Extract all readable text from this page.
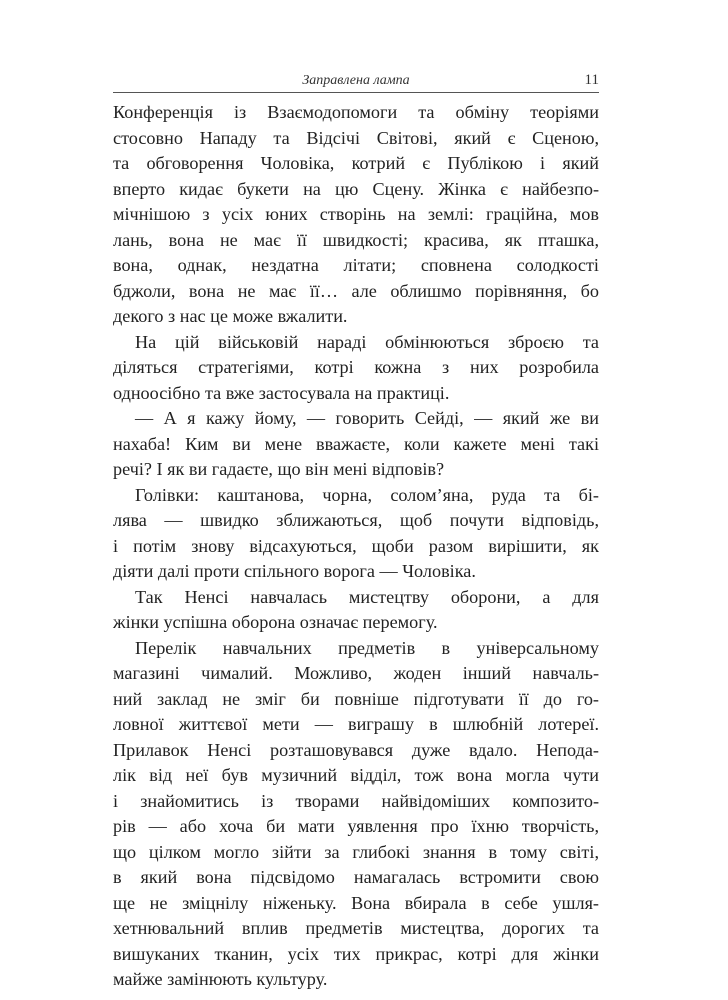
Заправлена лампа	11
Конференція із Взаємодопомоги та обміну теоріями
стосовно Нападу та Відсічі Світові, який є Сценою,
та обговорення Чоловіка, котрий є Публікою і який
вперто кидає букети на цю Сцену. Жінка є найбезпо-
мічнішою з усіх юних створінь на землі: граційна, мов
лань, вона не має її швидкості; красива, як пташка,
вона, однак, нездатна літати; сповнена солодкості
бджоли, вона не має її… але облишмо порівняння, бо
декого з нас це може вжалити.
На цій військовій нараді обмінюються зброєю та
діляться стратегіями, котрі кожна з них розробила
одноосібно та вже застосувала на практиці.
— А я кажу йому, — говорить Сейді, — який же ви
нахаба! Ким ви мене вважаєте, коли кажете мені такі
речі? І як ви гадаєте, що він мені відповів?
Голівки: каштанова, чорна, солом’яна, руда та бі-
лява — швидко зближаються, щоб почути відповідь,
і потім знову відсахуються, щоби разом вирішити, як
діяти далі проти спільного ворога — Чоловіка.
Так Ненсі навчалась мистецтву оборони, а для
жінки успішна оборона означає перемогу.
Перелік навчальних предметів в універсальному
магазині чималий. Можливо, жоден інший навчаль-
ний заклад не зміг би повніше підготувати її до го-
ловної життєвої мети — виграшу в шлюбній лотереї.
Прилавок Ненсі розташовувався дуже вдало. Непода-
лік від неї був музичний відділ, тож вона могла чути
і знайомитись із творами найвідоміших композито-
рів — або хоча би мати уявлення про їхню творчість,
що цілком могло зійти за глибокі знання в тому світі,
в який вона підсвідомо намагалась встромити свою
ще не зміцнілу ніженьку. Вона вбирала в себе ушля-
хетнювальний вплив предметів мистецтва, дорогих та
вишуканих тканин, усіх тих прикрас, котрі для жінки
майже замінюють культуру.
